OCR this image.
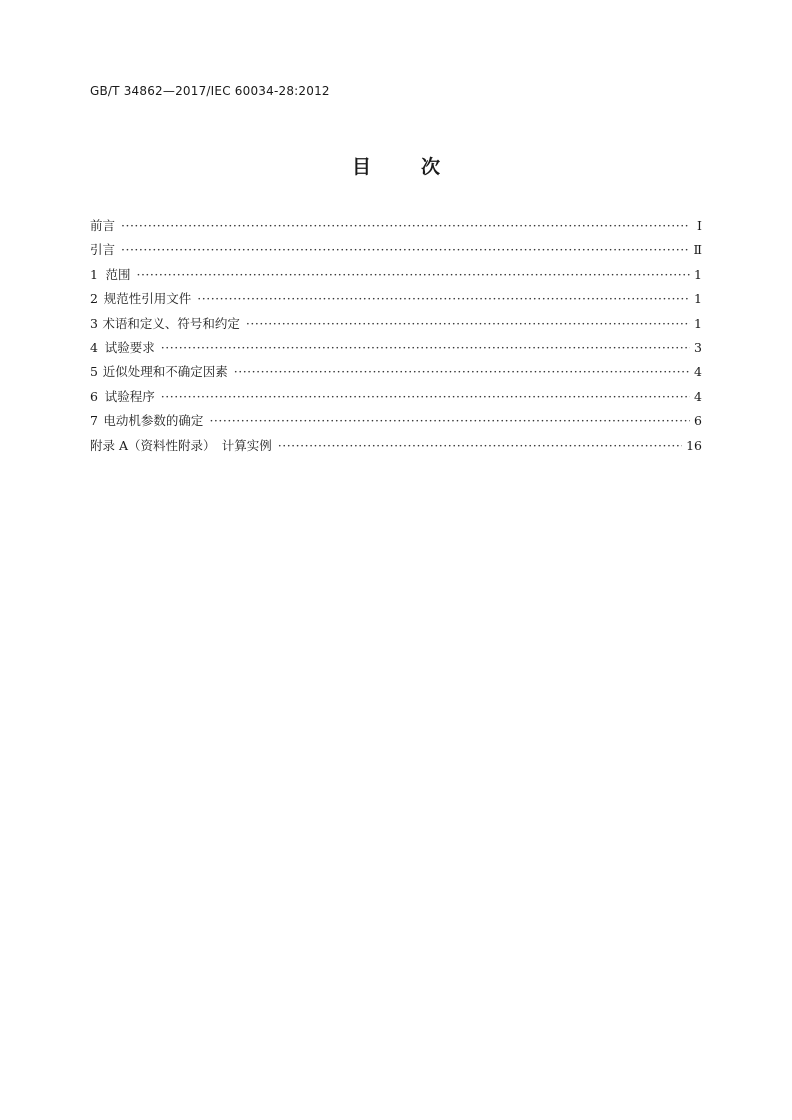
GB/T 34862—2017/IEC 60034-28:2012
目	次
前言 ·····	Ⅰ
引言 ·····	Ⅱ
1 范围 ·····	1
2 规范性引用文件 ·····	1
3 术语和定义、符号和约定 ·····	1
4 试验要求 ·····	3
5 近似处理和不确定因素 ·····	4
6 试验程序 ·····	4
7 电动机参数的确定 ·····	6
附录 A（资料性附录）　计算实例 ·····	16
